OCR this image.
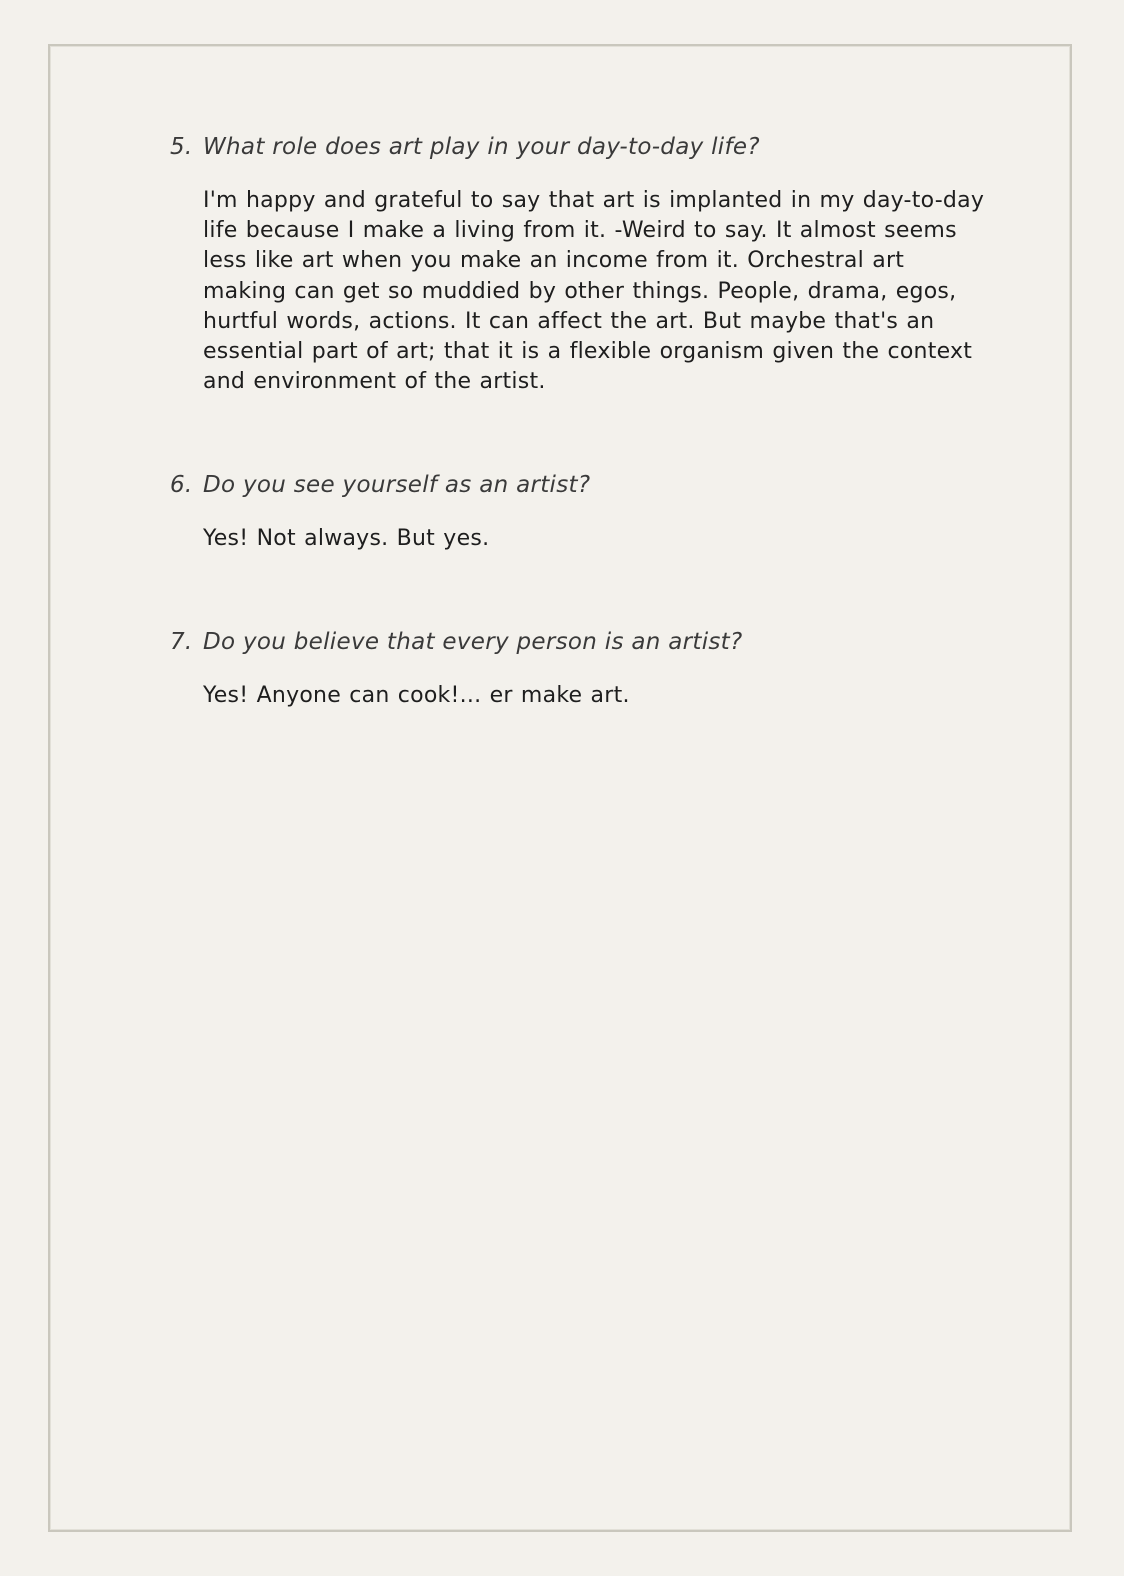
5. What role does art play in your day-to-day life?

I'm happy and grateful to say that art is implanted in my day-to-day life because I make a living from it. -Weird to say. It almost seems less like art when you make an income from it. Orchestral art making can get so muddied by other things. People, drama, egos, hurtful words, actions. It can affect the art. But maybe that's an essential part of art; that it is a flexible organism given the context and environment of the artist.

6. Do you see yourself as an artist?

Yes! Not always. But yes.

7. Do you believe that every person is an artist?

Yes! Anyone can cook!... er make art.
